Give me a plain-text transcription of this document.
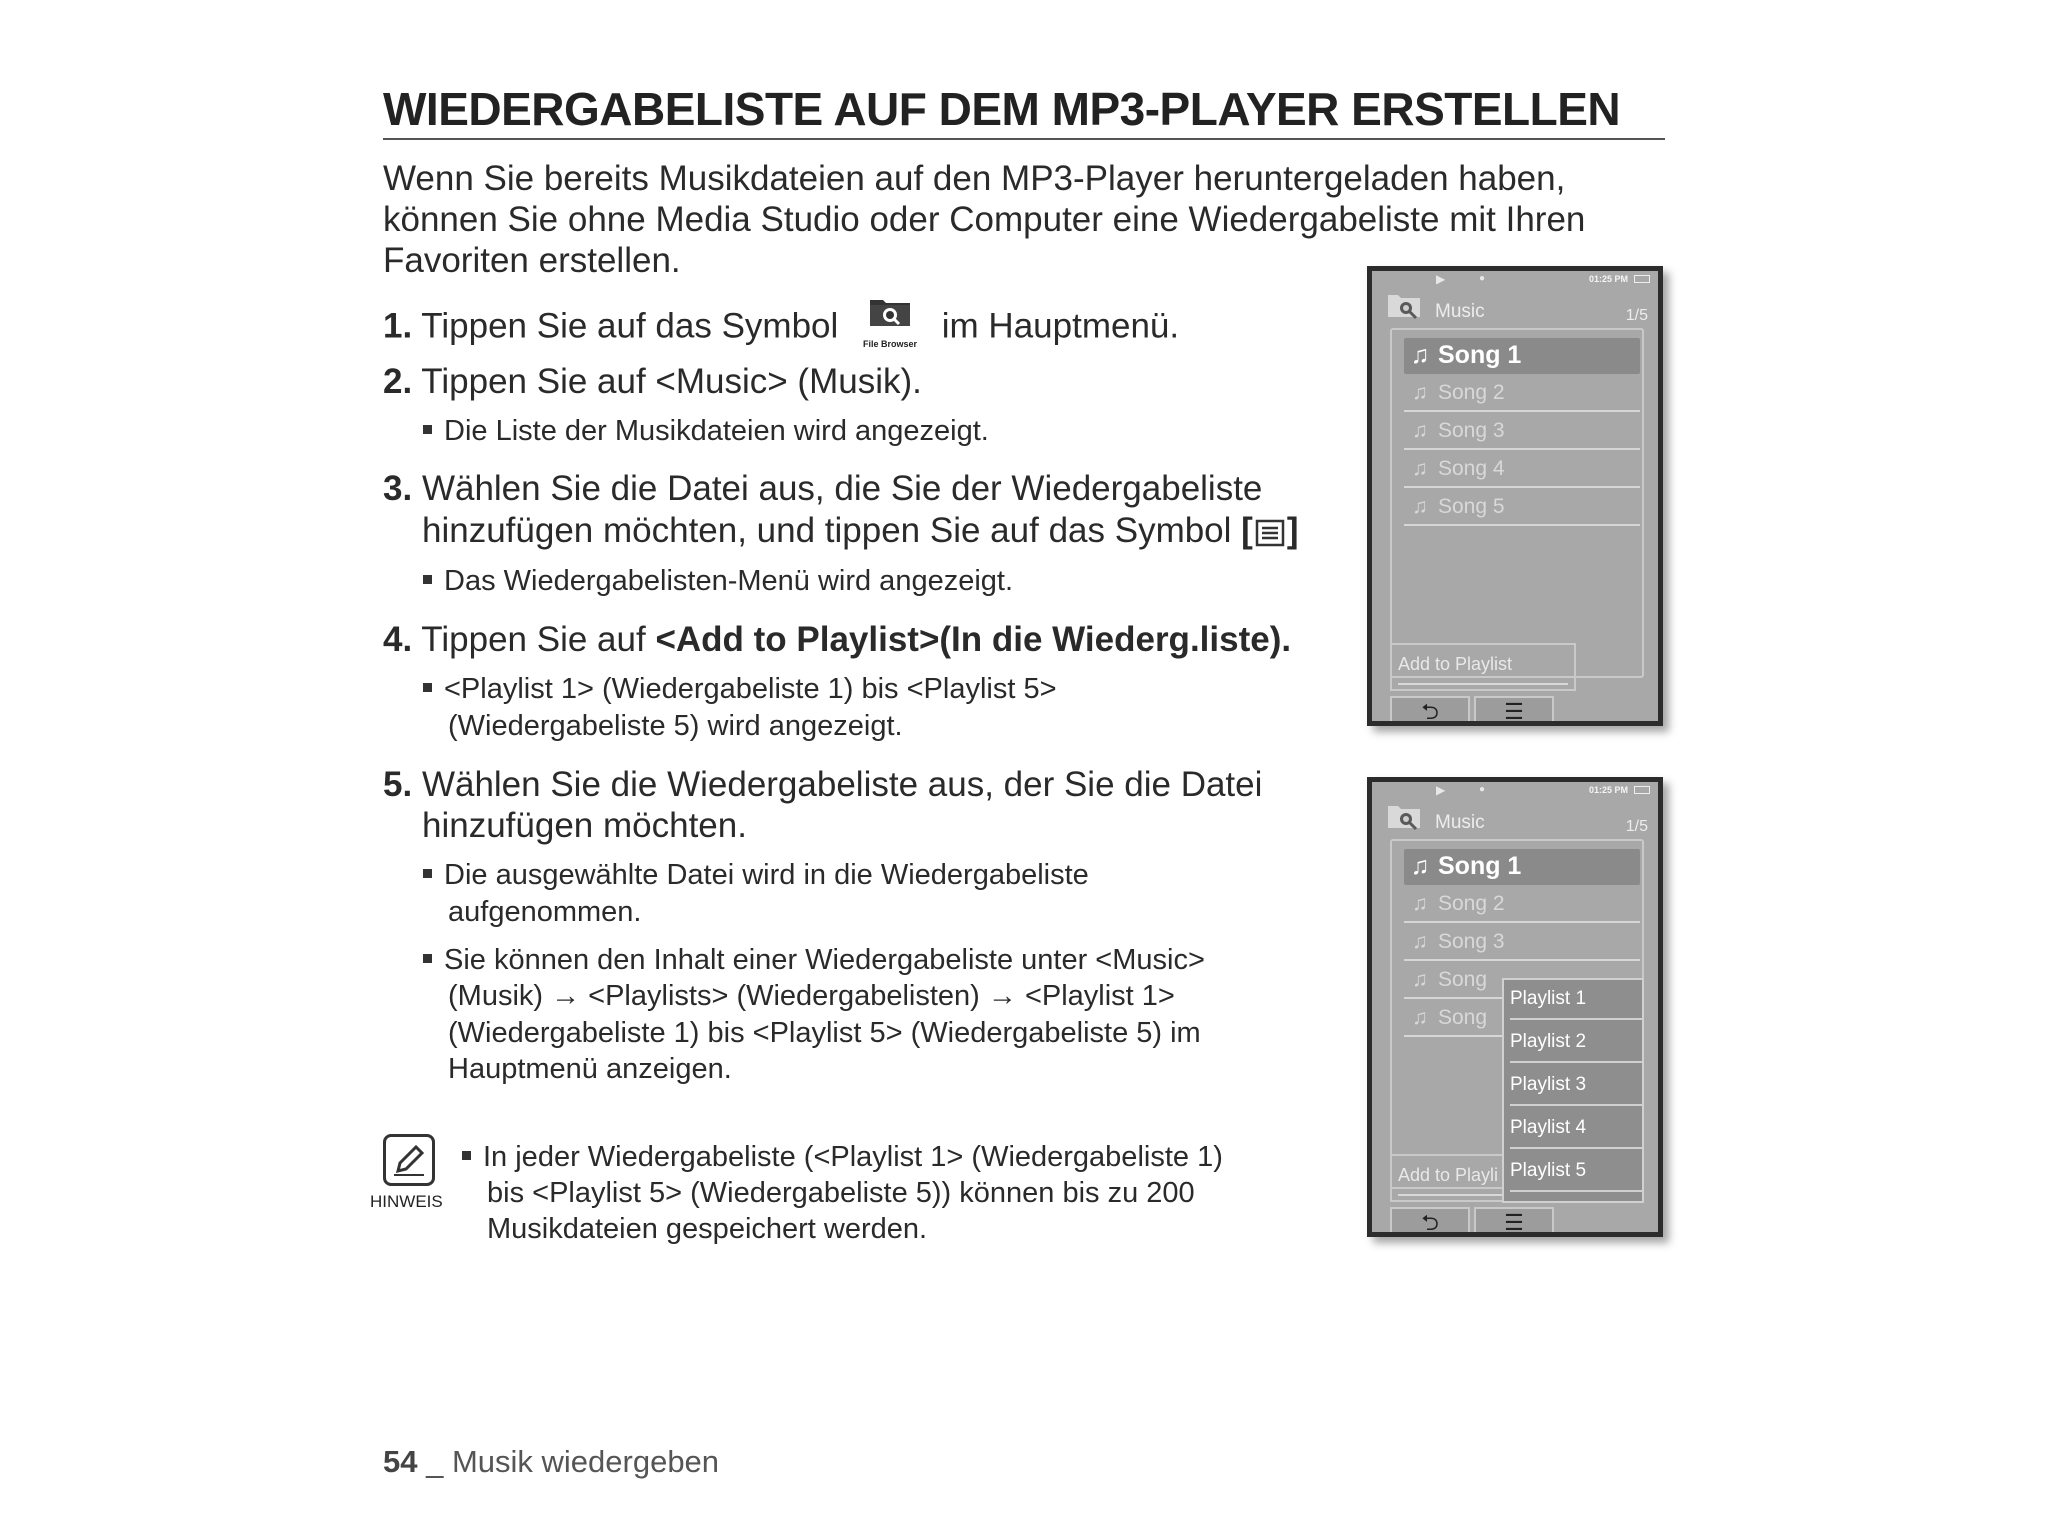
WIEDERGABELISTE AUF DEM MP3-PLAYER ERSTELLEN
Wenn Sie bereits Musikdateien auf den MP3-Player heruntergeladen haben,
können Sie ohne Media Studio oder Computer eine Wiedergabeliste mit Ihren
Favoriten erstellen.
1. Tippen Sie auf das Symbol	File Browser im Hauptmenü.
2. Tippen Sie auf <Music> (Musik).
Die Liste der Musikdateien wird angezeigt.
3. Wählen Sie die Datei aus, die Sie der Wiedergabeliste
hinzufügen möchten, und tippen Sie auf das Symbol [ ]
Das Wiedergabelisten-Menü wird angezeigt.
4. Tippen Sie auf <Add to Playlist>(In die Wiederg.liste).
<Playlist 1> (Wiedergabeliste 1) bis <Playlist 5>
(Wiedergabeliste 5) wird angezeigt.
5. Wählen Sie die Wiedergabeliste aus, der Sie die Datei
hinzufügen möchten.
Die ausgewählte Datei wird in die Wiedergabeliste
aufgenommen.
Sie können den Inhalt einer Wiedergabeliste unter <Music>
(Musik) → <Playlists> (Wiedergabelisten) → <Playlist 1>
(Wiedergabeliste 1) bis <Playlist 5> (Wiedergabeliste 5) im
Hauptmenü anzeigen.
HINWEIS
In jeder Wiedergabeliste (<Playlist 1> (Wiedergabeliste 1)
bis <Playlist 5> (Wiedergabeliste 5)) können bis zu 200
Musikdateien gespeichert werden.
54 _ Musik wiedergeben
▶	●	01:25 PM
Music	1/5
♫ Song 1
♫ Song 2
♫ Song 3
♫ Song 4
♫ Song 5
Add to Playlist
⮌	☰
▶	●	01:25 PM
Music	1/5
♫ Song 1
♫ Song 2
♫ Song 3
♫ Song
♫ Song
Add to Playli
Playlist 1
Playlist 2
Playlist 3
Playlist 4
Playlist 5
⮌	☰
